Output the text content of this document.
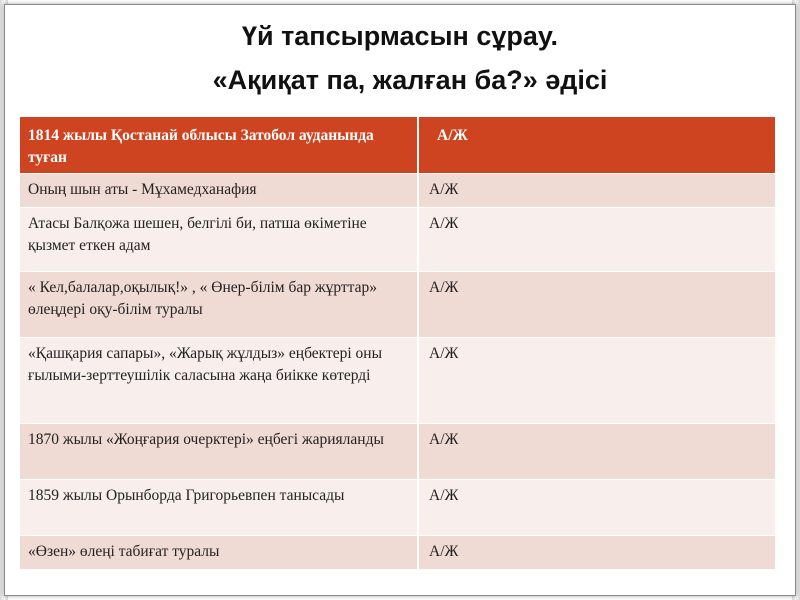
Үй тапсырмасын сұрау.
«Ақиқат па, жалған ба?» әдісі
1814 жылы Қостанай облысы Затобол ауданында туған	А/Ж
Оның шын аты - Мұхамедханафия	А/Ж
Атасы Балқожа шешен, белгілі би, патша өкіметіне қызмет еткен адам	А/Ж
« Кел,балалар,оқылық!» , « Өнер-білім бар жұрттар» өлеңдері оқу-білім туралы	А/Ж
«Қашқария сапары», «Жарық жұлдыз» еңбектері оны ғылыми-зерттеушілік саласына жаңа биікке көтерді	А/Ж
1870 жылы «Жоңғария очерктері» еңбегі жарияланды	А/Ж
1859 жылы Орынборда Григорьевпен танысады	А/Ж
«Өзен» өлеңі табиғат туралы	А/Ж
